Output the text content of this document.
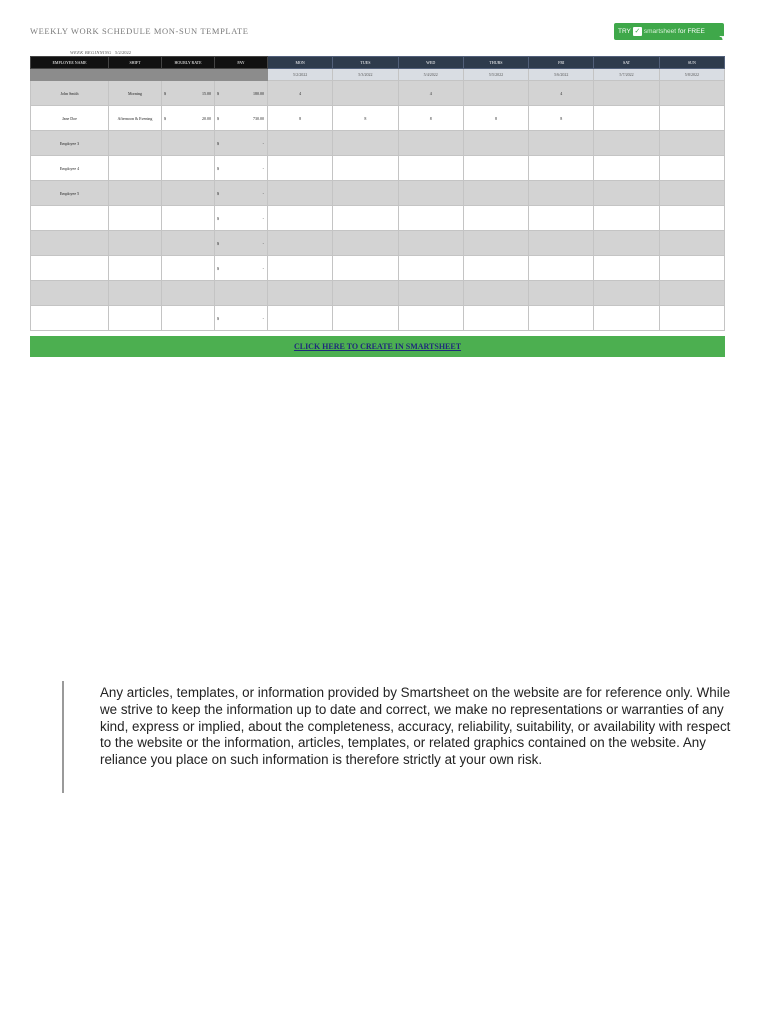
WEEKLY WORK SCHEDULE MON-SUN TEMPLATE	TRY ✓ smartsheet for FREE
☚
WEEK BEGINNING 5/2/2022
EMPLOYEE NAME	SHIFT	HOURLY RATE	PAY	MON	TUES	WED	THURS	FRI	SAT	SUN
				5/2/2022	5/3/2022	5/4/2022	5/5/2022	5/6/2022	5/7/2022	5/8/2022
John Smith	Morning	$ 15.00	$ 180.00	4		4		4		
Jane Doe	Afternoon & Evening	$ 20.00	$ 730.00	8	8	8	8	8		
Employee 3			$ -							
Employee 4			$ -							
Employee 5			$ -							

			$ -							

			$ -							

			$ -							

			$ -							
CLICK HERE TO CREATE IN SMARTSHEET
Any articles, templates, or information provided by Smartsheet on the website are for reference only. While we strive to keep the information up to date and correct, we make no representations or warranties of any kind, express or implied, about the completeness, accuracy, reliability, suitability, or availability with respect to the website or the information, articles, templates, or related graphics contained on the website. Any reliance you place on such information is therefore strictly at your own risk.
